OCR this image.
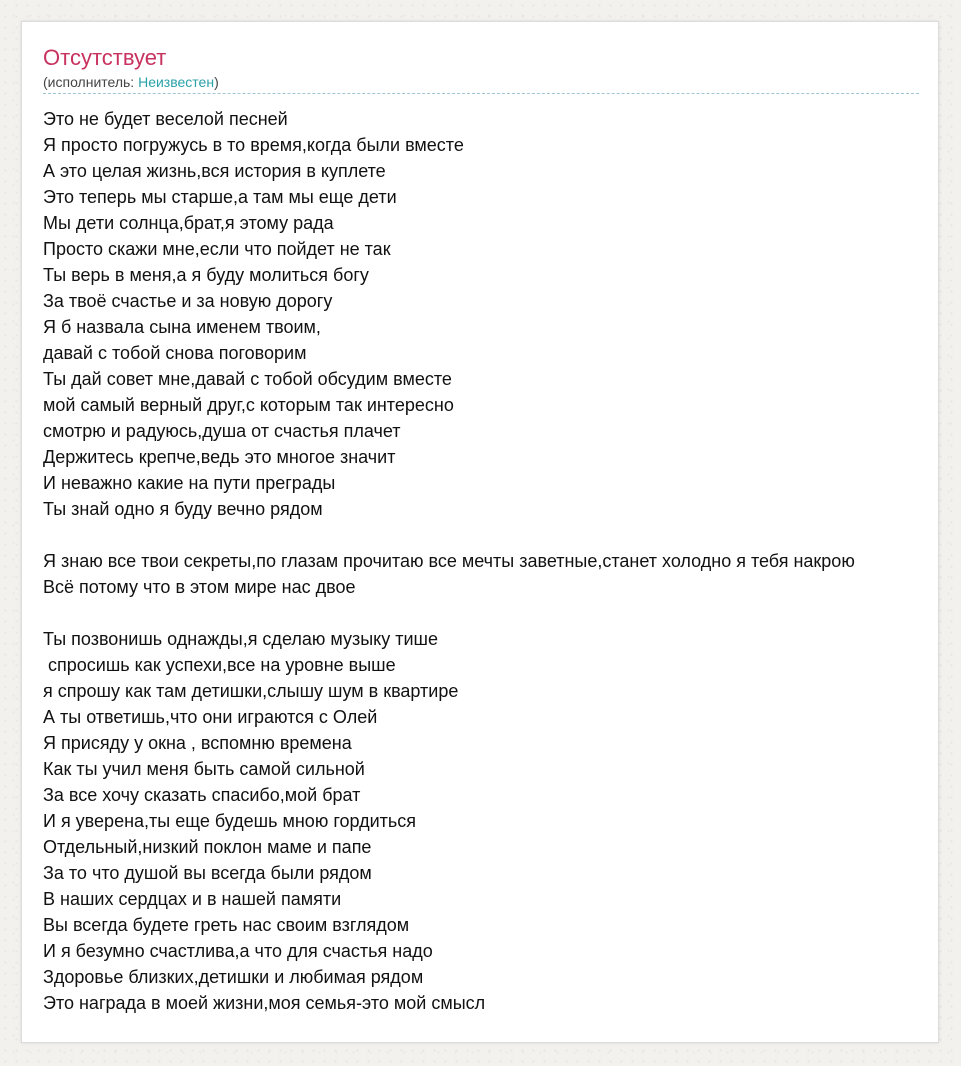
Отсутствует
(исполнитель: Неизвестен)
Это не будет веселой песней
Я просто погружусь в то время,когда были вместе
А это целая жизнь,вся история в куплете
Это теперь мы старше,а там мы еще дети
Мы дети солнца,брат,я этому рада
Просто скажи мне,если что пойдет не так
Ты верь в меня,а я буду молиться богу
За твоё счастье и за новую дорогу
Я б назвала сына именем твоим,
давай с тобой снова поговорим
Ты дай совет мне,давай с тобой обсудим вместе
мой самый верный друг,с которым так интересно
смотрю и радуюсь,душа от счастья плачет
Держитесь крепче,ведь это многое значит
И неважно какие на пути преграды
Ты знай одно я буду вечно рядом
Я знаю все твои секреты,по глазам прочитаю все мечты заветные,станет холодно я тебя накрою
Всё потому что в этом мире нас двое
Ты позвонишь однажды,я сделаю музыку тише
спросишь как успехи,все на уровне выше
я спрошу как там детишки,слышу шум в квартире
А ты ответишь,что они играются с Олей
Я присяду у окна , вспомню времена
Как ты учил меня быть самой сильной
За все хочу сказать спасибо,мой брат
И я уверена,ты еще будешь мною гордиться
Отдельный,низкий поклон маме и папе
За то что душой вы всегда были рядом
В наших сердцах и в нашей памяти
Вы всегда будете греть нас своим взглядом
И я безумно счастлива,а что для счастья надо
Здоровье близких,детишки и любимая рядом
Это награда в моей жизни,моя семья-это мой смысл
